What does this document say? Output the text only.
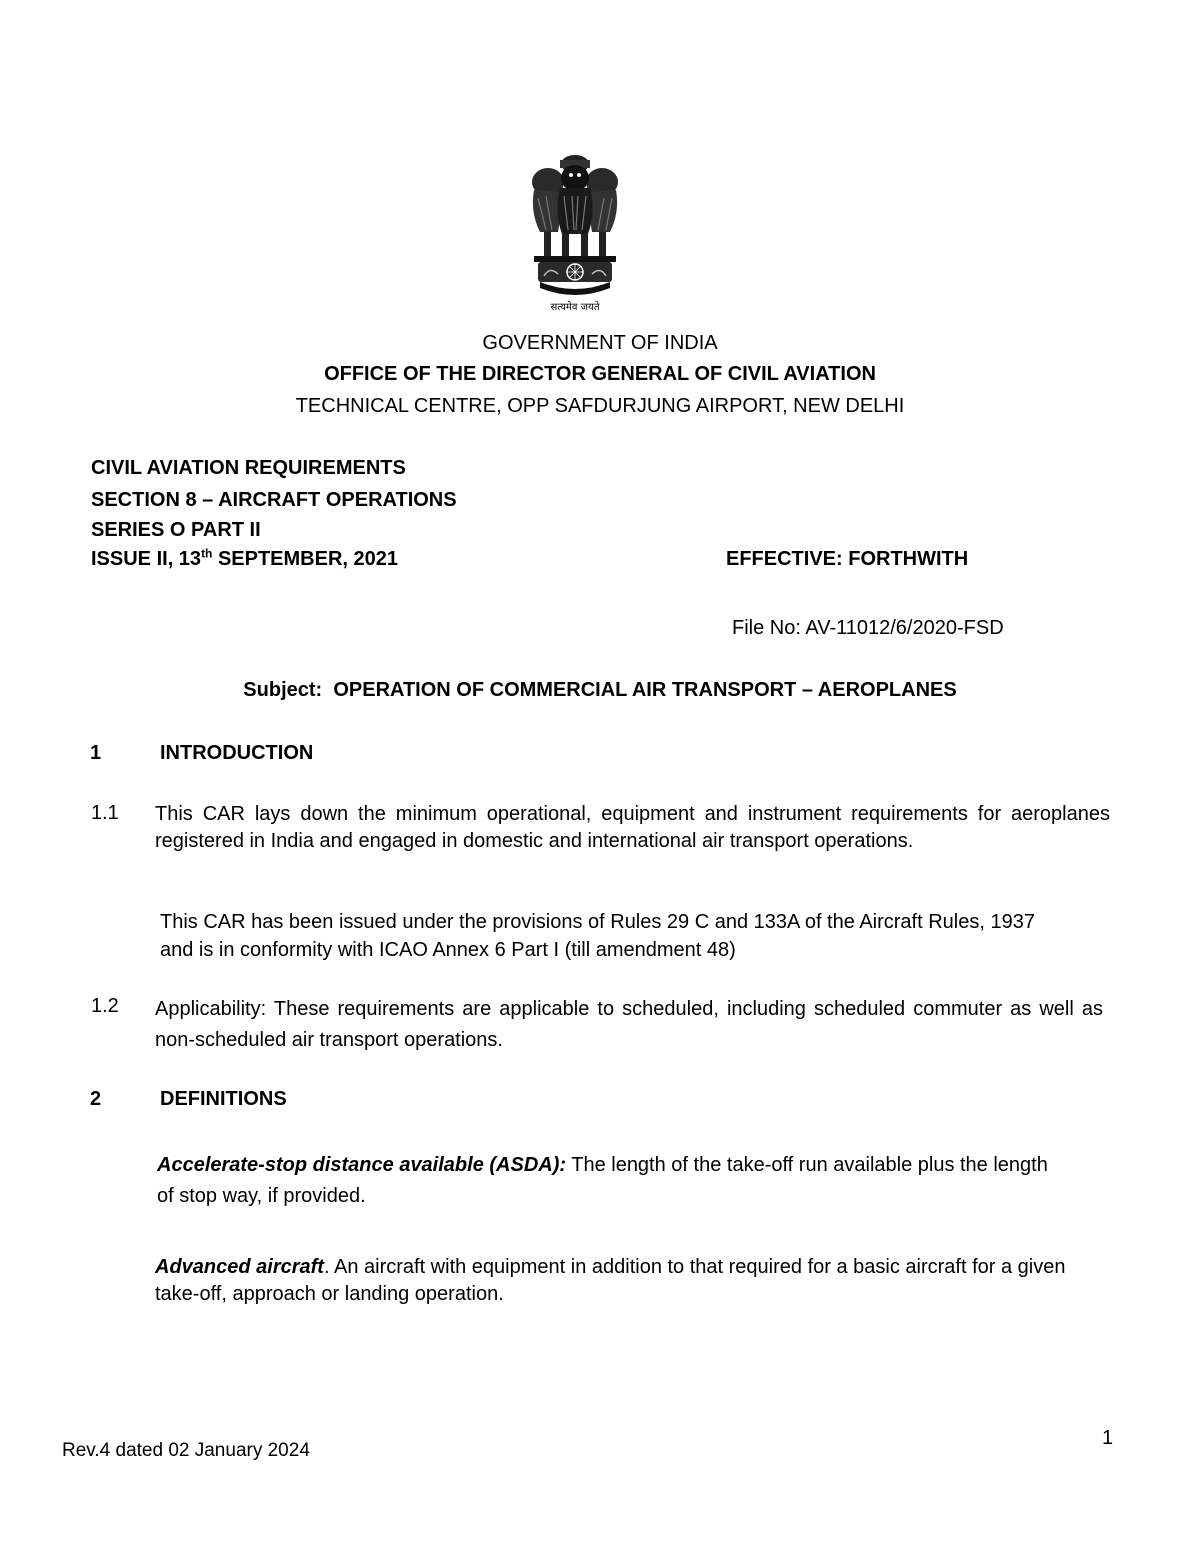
सत्यमेव जयते
GOVERNMENT OF INDIA
OFFICE OF THE DIRECTOR GENERAL OF CIVIL AVIATION
TECHNICAL CENTRE, OPP SAFDURJUNG AIRPORT, NEW DELHI
CIVIL AVIATION REQUIREMENTS
SECTION 8 – AIRCRAFT OPERATIONS
SERIES O PART II
ISSUE II, 13th SEPTEMBER, 2021	EFFECTIVE: FORTHWITH
File No: AV-11012/6/2020-FSD
Subject: OPERATION OF COMMERCIAL AIR TRANSPORT – AEROPLANES
1	INTRODUCTION
1.1 This CAR lays down the minimum operational, equipment and instrument requirements for aeroplanes registered in India and engaged in domestic and international air transport operations.
This CAR has been issued under the provisions of Rules 29 C and 133A of the Aircraft Rules, 1937 and is in conformity with ICAO Annex 6 Part I (till amendment 48)
1.2 Applicability: These requirements are applicable to scheduled, including scheduled commuter as well as non-scheduled air transport operations.
2	DEFINITIONS
Accelerate-stop distance available (ASDA): The length of the take-off run available plus the length of stop way, if provided.
Advanced aircraft. An aircraft with equipment in addition to that required for a basic aircraft for a given take-off, approach or landing operation.
1
Rev.4 dated 02 January 2024
